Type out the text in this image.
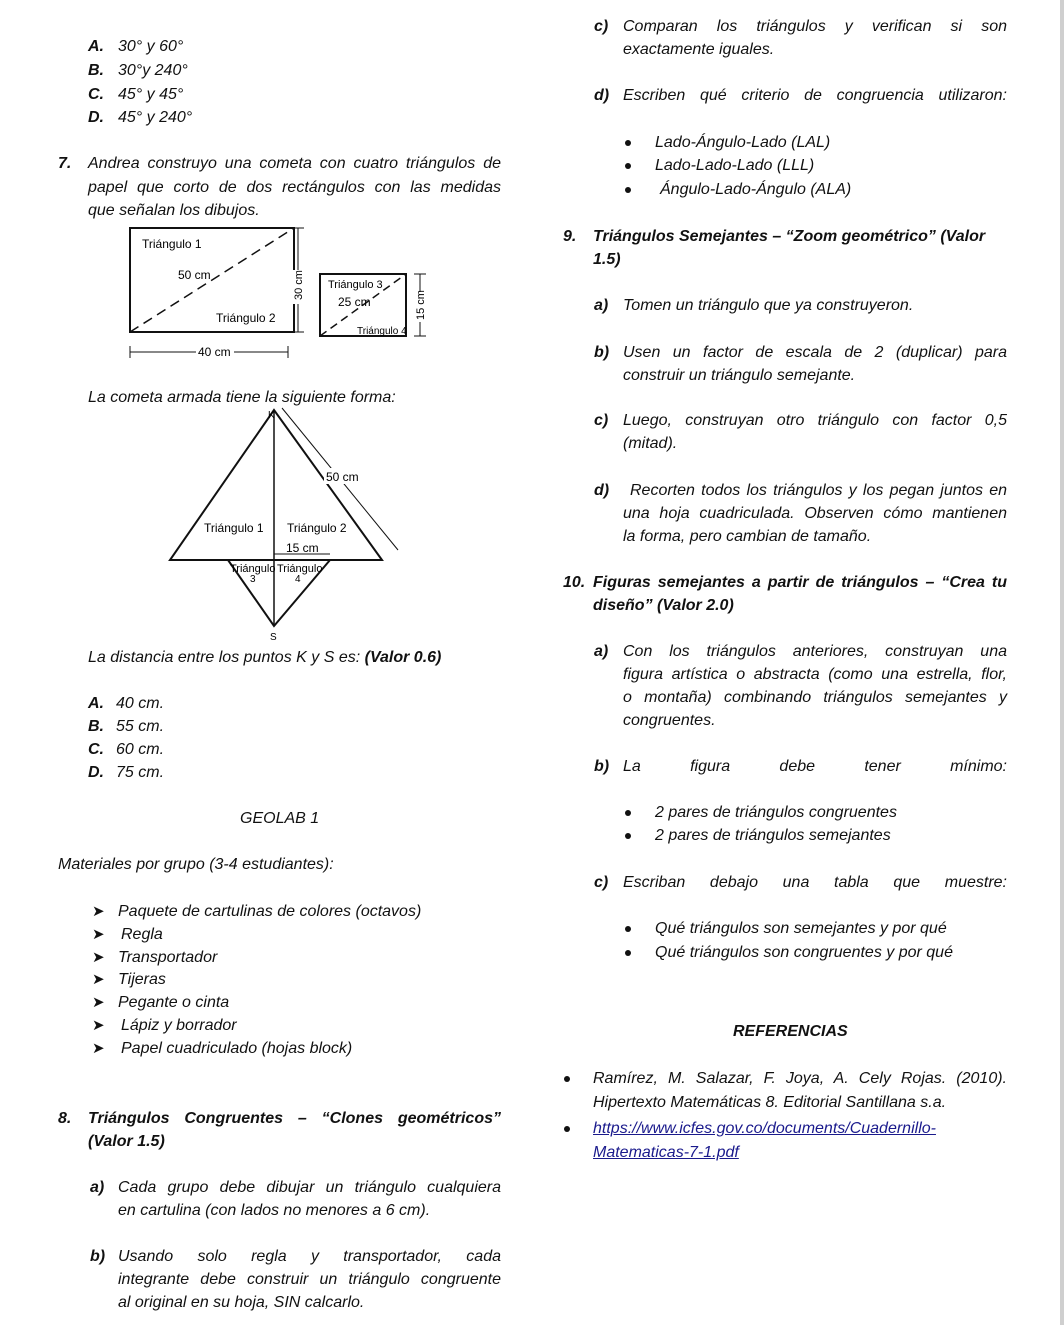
A. 30° y 60°
B. 30°y 240°
C. 45° y 45°
D. 45° y 240°
7. Andrea construyo una cometa con cuatro triángulos de
papel que corto de dos rectángulos con las medidas
que señalan los dibujos.
Triángulo 1
50 cm
Triángulo 2
40 cm
30 cm Triángulo 3
25 cm
Triángulo 4
15 cm
La cometa armada tiene la siguiente forma:
50 cm
K
S
Triángulo 1 Triángulo 2
15 cm
Triángulo
3
Triángulo
4
La distancia entre los puntos K y S es: (Valor 0.6)
A. 40 cm.
B. 55 cm.
C. 60 cm.
D. 75 cm.
GEOLAB 1
Materiales por grupo (3-4 estudiantes):
➤ Paquete de cartulinas de colores (octavos)
➤ Regla
➤ Transportador
➤ Tijeras
➤ Pegante o cinta
➤ Lápiz y borrador
➤ Papel cuadriculado (hojas block)
8. Triángulos Congruentes – “Clones geométricos”
(Valor 1.5)
a) Cada grupo debe dibujar un triángulo cualquiera
en cartulina (con lados no menores a 6 cm).
b) Usando solo regla y transportador, cada
integrante debe construir un triángulo congruente
al original en su hoja, SIN calcarlo.
c) Comparan los triángulos y verifican si son
exactamente iguales.
d) Escriben qué criterio de congruencia utilizaron:
Lado-Ángulo-Lado (LAL)
Lado-Lado-Lado (LLL)
Ángulo-Lado-Ángulo (ALA)
9. Triángulos Semejantes – “Zoom geométrico” (Valor
1.5)
a) Tomen un triángulo que ya construyeron.
b) Usen un factor de escala de 2 (duplicar) para
construir un triángulo semejante.
c) Luego, construyan otro triángulo con factor 0,5
(mitad).
d) Recorten todos los triángulos y los pegan juntos en
una hoja cuadriculada. Observen cómo mantienen
la forma, pero cambian de tamaño.
10. Figuras semejantes a partir de triángulos – “Crea tu
diseño” (Valor 2.0)
a) Con los triángulos anteriores, construyan una
figura artística o abstracta (como una estrella, flor,
o montaña) combinando triángulos semejantes y
congruentes.
b) La figura debe tener mínimo:
2 pares de triángulos congruentes
2 pares de triángulos semejantes
c) Escriban debajo una tabla que muestre:
Qué triángulos son semejantes y por qué
Qué triángulos son congruentes y por qué
REFERENCIAS
Ramírez, M. Salazar, F. Joya, A. Cely Rojas. (2010).
Hipertexto Matemáticas 8. Editorial Santillana s.a.
https://www.icfes.gov.co/documents/Cuadernillo-
Matematicas-7-1.pdf
